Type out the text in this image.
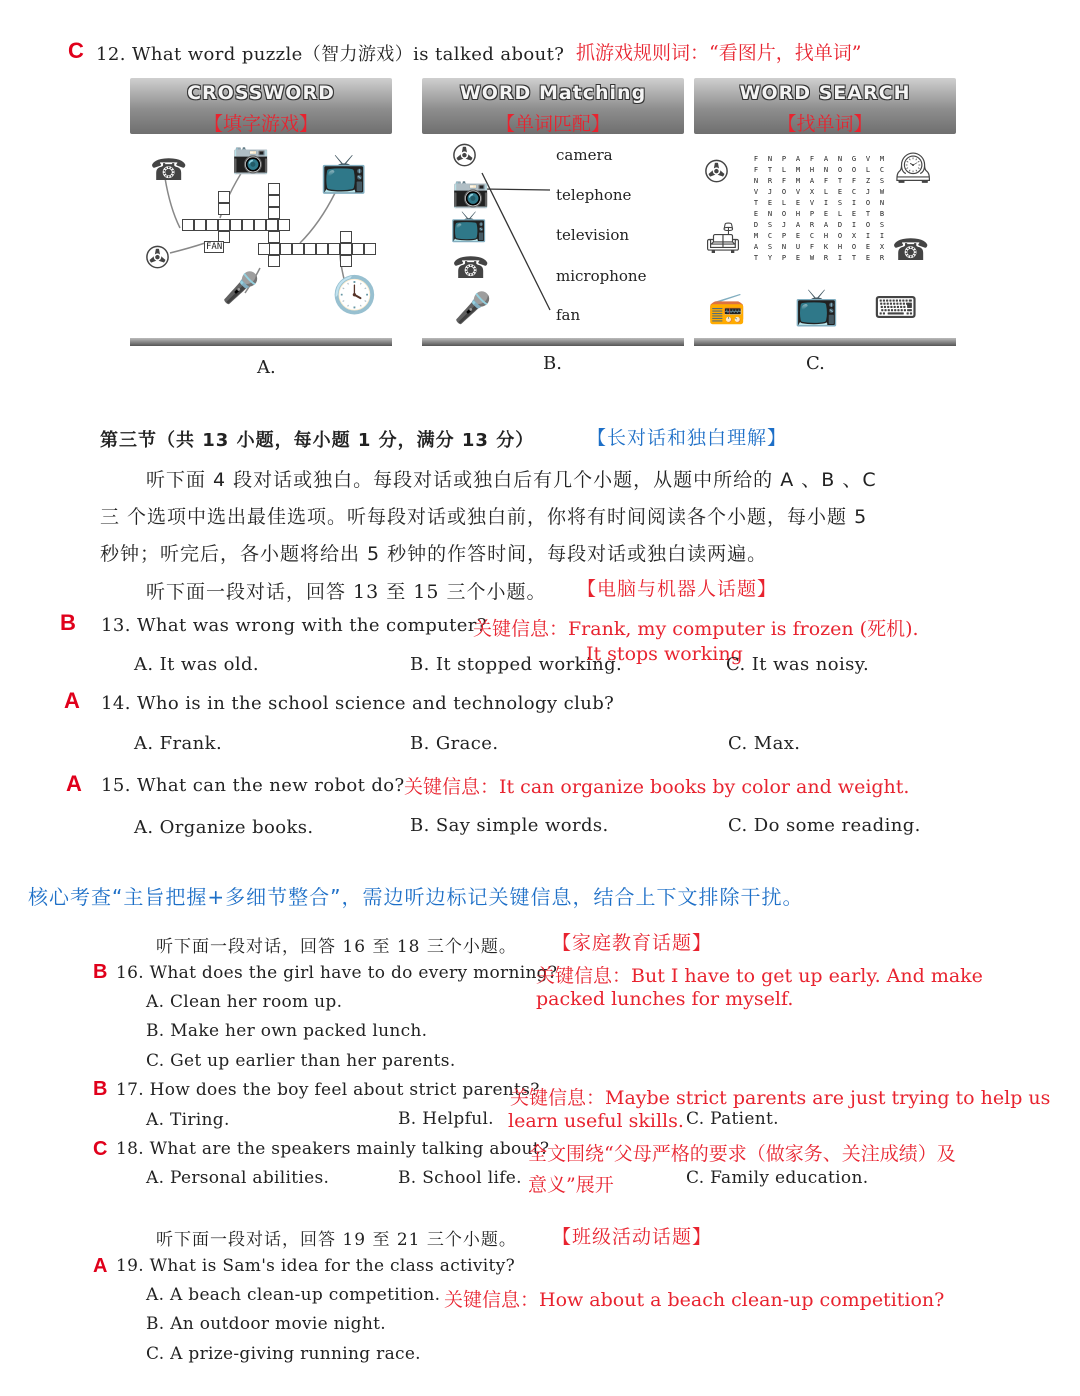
C 12. What word puzzle（智力游戏）is talked about? 抓游戏规则词：“看图片，找单词”
CROSSWORD
【填字游戏】
☎ 📷 📺
✇
🎤 🕓
FAN
A.
WORD Matching
【单词匹配】
✇
📷
📺
☎
🎤
camera
telephone
television
microphone
fan
B.
WORD SEARCH
【找单词】
F	N	P	A	F	A	N	G	V	M
F	T	L	M	H	N	O	O	L	C
N	R	F	M	A	F	T	F	Z	S
V	J	O	V	X	L	E	C	J	W
T	E	L	E	V	I	S	I	O	N
E	N	O	H	P	E	L	E	T	B
D	S	J	A	R	A	D	I	O	S
M	C	P	E	C	H	O	X	I	I
A	S	N	U	F	K	H	O	E	X
T	Y	P	E	W	R	I	T	E	R
✇
🛋
🕰
☎
📻 📺 ⌨
C.
第三节（共 13 小题，每小题 1 分，满分 13 分）	【长对话和独白理解】
听下面 4 段对话或独白。每段对话或独白后有几个小题，从题中所给的 A 、B 、C
三 个选项中选出最佳选项。听每段对话或独白前，你将有时间阅读各个小题，每小题 5
秒钟；听完后，各小题将给出 5 秒钟的作答时间，每段对话或独白读两遍。
听下面一段对话，回答 13 至 15 三个小题。 【电脑与机器人话题】
B 13. What was wrong with the computer?
关键信息：Frank, my computer is frozen (死机).
A. It was old.	B. It stopped working.
It stops working
C. It was noisy.
A 14. Who is in the school science and technology club?
A. Frank.	B. Grace.	C. Max.
A 15. What can the new robot do? 关键信息：It can organize books by color and weight.
A. Organize books.	B. Say simple words.	C. Do some reading.
核心考查“主旨把握+多细节整合”，需边听边标记关键信息，结合上下文排除干扰。
听下面一段对话，回答 16 至 18 三个小题。 【家庭教育话题】
B 16. What does the girl have to do every morning?
关键信息：But I have to get up early. And make
packed lunches for myself.
A. Clean her room up.
B. Make her own packed lunch.
C. Get up earlier than her parents.
B 17. How does the boy feel about strict parents?
关键信息：Maybe strict parents are just trying to help us
A. Tiring.	B. Helpful. learn useful skills. C. Patient.
C 18. What are the speakers mainly talking about?
全文围绕“父母严格的要求（做家务、关注成绩）及
A. Personal abilities.	B. School life. 意义”展开	C. Family education.
听下面一段对话，回答 19 至 21 三个小题。 【班级活动话题】
A 19. What is Sam's idea for the class activity?
A. A beach clean-up competition. 关键信息：How about a beach clean-up competition?
B. An outdoor movie night.
C. A prize-giving running race.
